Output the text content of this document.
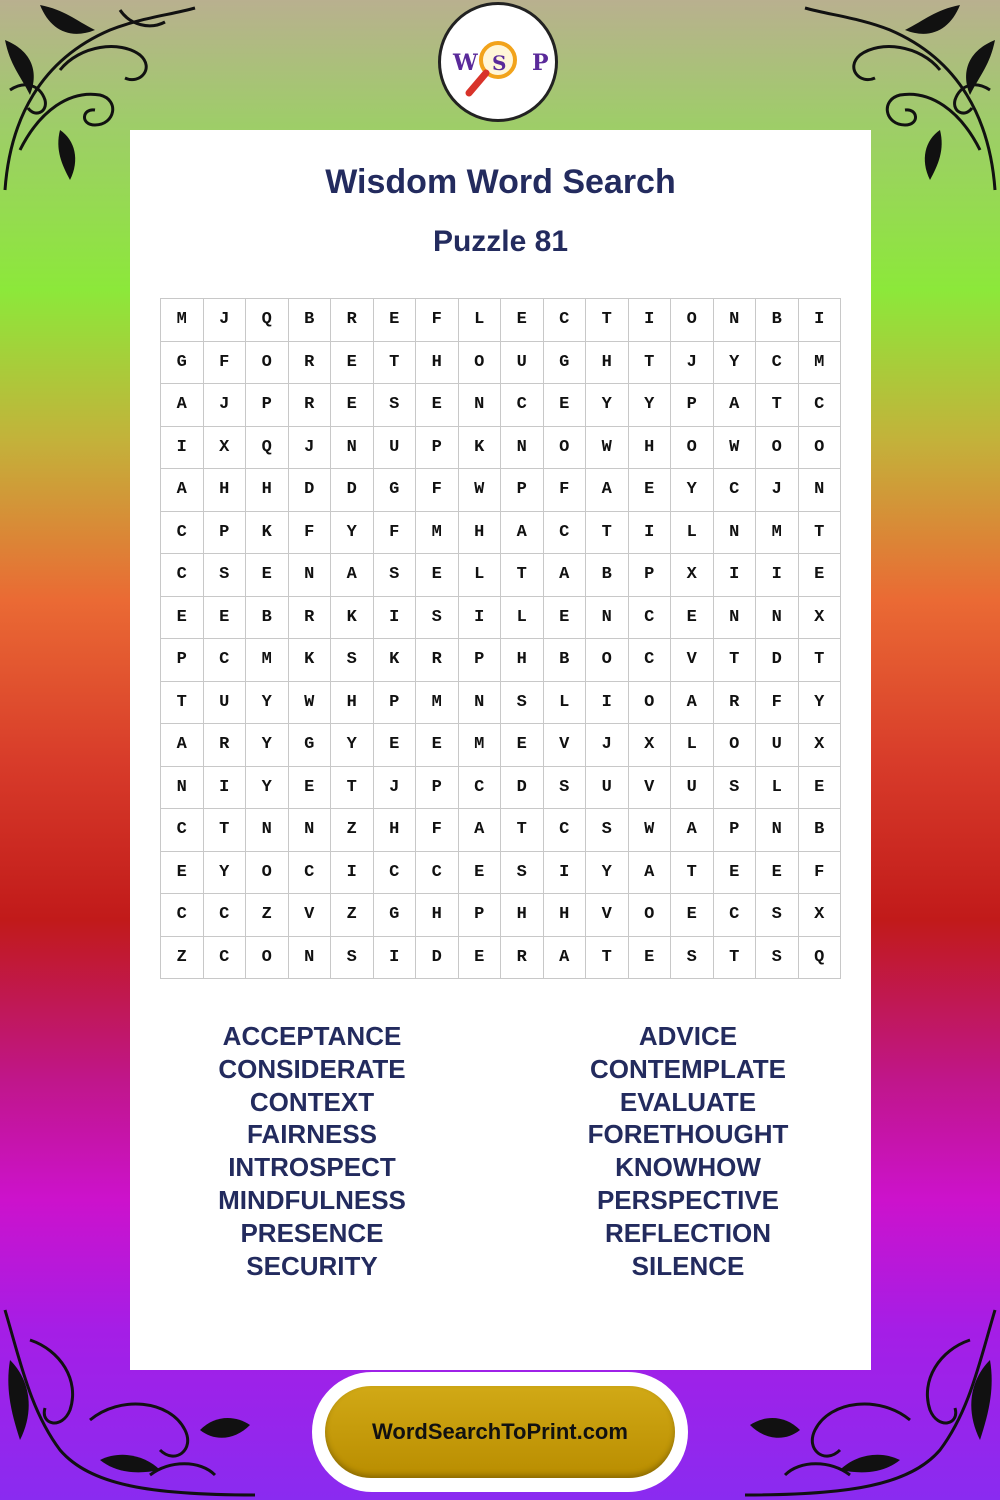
W S P
Wisdom Word Search
Puzzle 81
M	J	Q	B	R	E	F	L	E	C	T	I	O	N	B	I
G	F	O	R	E	T	H	O	U	G	H	T	J	Y	C	M
A	J	P	R	E	S	E	N	C	E	Y	Y	P	A	T	C
I	X	Q	J	N	U	P	K	N	O	W	H	O	W	O	O
A	H	H	D	D	G	F	W	P	F	A	E	Y	C	J	N
C	P	K	F	Y	F	M	H	A	C	T	I	L	N	M	T
C	S	E	N	A	S	E	L	T	A	B	P	X	I	I	E
E	E	B	R	K	I	S	I	L	E	N	C	E	N	N	X
P	C	M	K	S	K	R	P	H	B	O	C	V	T	D	T
T	U	Y	W	H	P	M	N	S	L	I	O	A	R	F	Y
A	R	Y	G	Y	E	E	M	E	V	J	X	L	O	U	X
N	I	Y	E	T	J	P	C	D	S	U	V	U	S	L	E
C	T	N	N	Z	H	F	A	T	C	S	W	A	P	N	B
E	Y	O	C	I	C	C	E	S	I	Y	A	T	E	E	F
C	C	Z	V	Z	G	H	P	H	H	V	O	E	C	S	X
Z	C	O	N	S	I	D	E	R	A	T	E	S	T	S	Q
ACCEPTANCE
CONSIDERATE
CONTEXT
FAIRNESS
INTROSPECT
MINDFULNESS
PRESENCE
SECURITY
ADVICE
CONTEMPLATE
EVALUATE
FORETHOUGHT
KNOWHOW
PERSPECTIVE
REFLECTION
SILENCE
WordSearchToPrint.com
